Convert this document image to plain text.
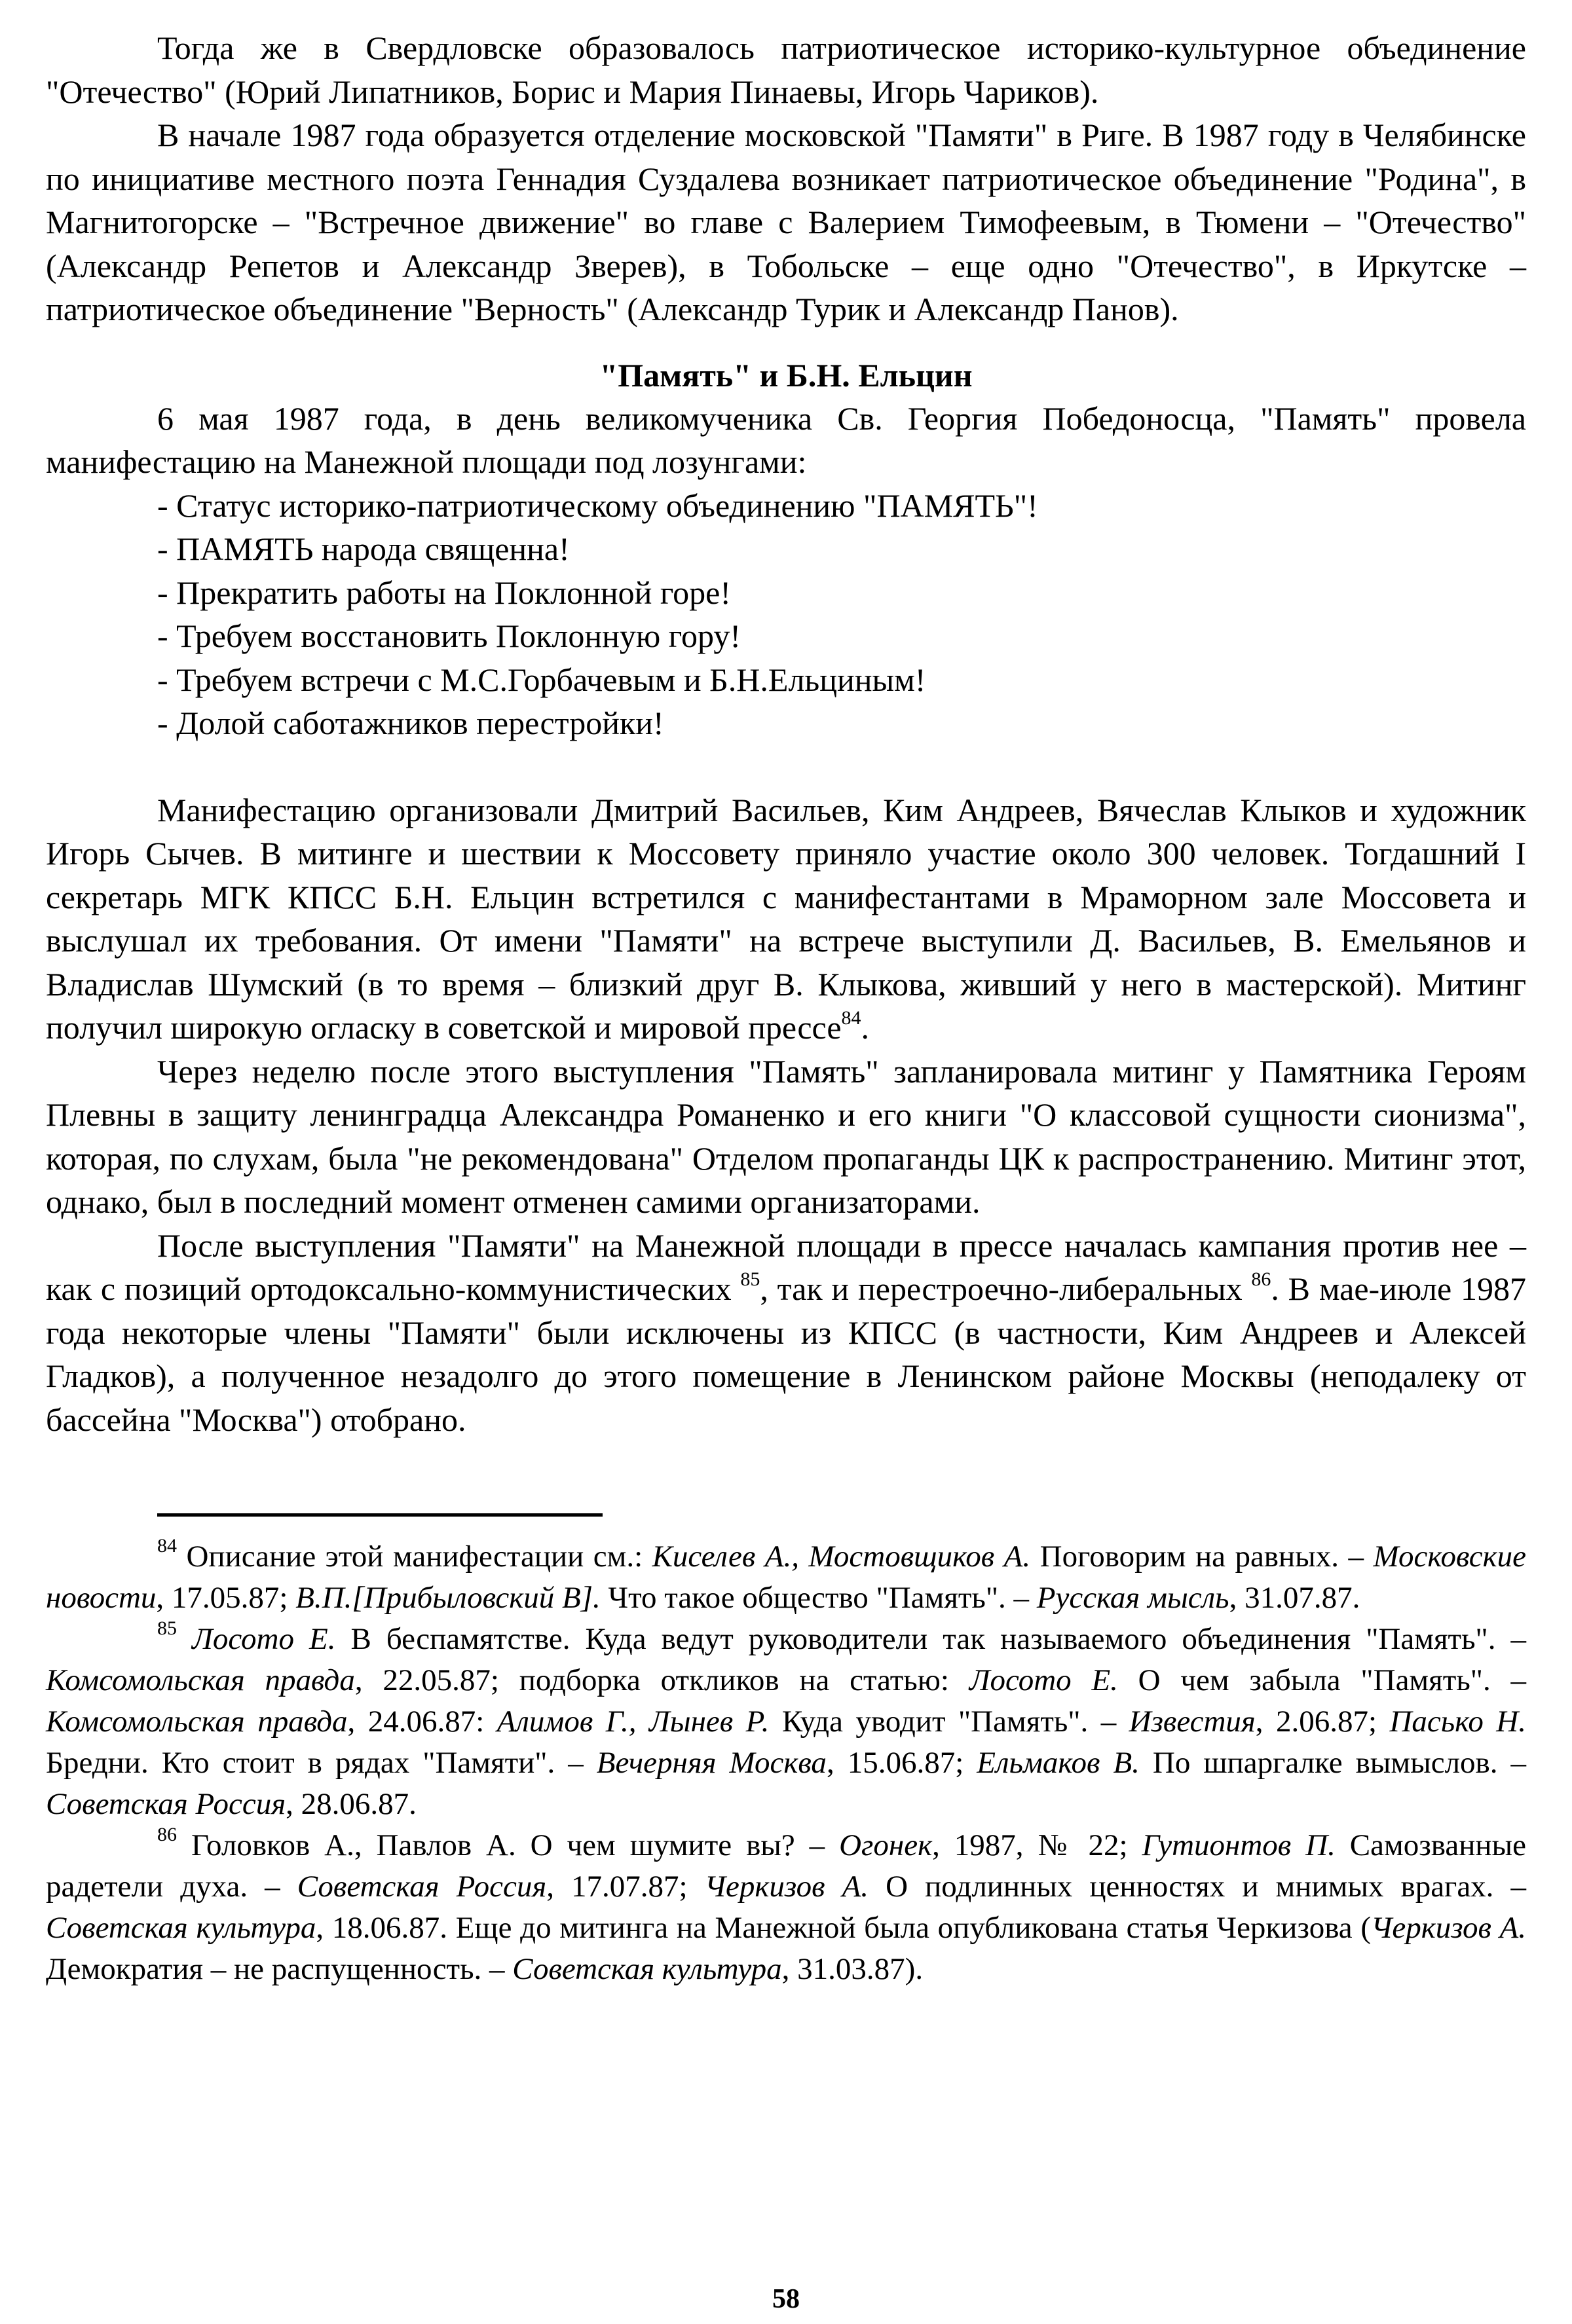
Тогда же в Свердловске образовалось патриотическое историко-культурное объединение "Отечество" (Юрий Липатников, Борис и Мария Пинаевы, Игорь Чариков).

В начале 1987 года образуется отделение московской "Памяти" в Риге. В 1987 году в Челябинске по инициативе местного поэта Геннадия Суздалева возникает патриотическое объединение "Родина", в Магнитогорске – "Встречное движение" во главе с Валерием Тимофеевым, в Тюмени – "Отечество" (Александр Репетов и Александр Зверев), в Тобольске – еще одно "Отечество", в Иркутске – патриотическое объединение "Верность" (Александр Турик и Александр Панов).

"Память" и Б.Н. Ельцин

6 мая 1987 года, в день великомученика Св. Георгия Победоносца, "Память" провела манифестацию на Манежной площади под лозунгами:

- Статус историко-патриотическому объединению "ПАМЯТЬ"!
- ПАМЯТЬ народа священна!
- Прекратить работы на Поклонной горе!
- Требуем восстановить Поклонную гору!
- Требуем встречи с М.С.Горбачевым и Б.Н.Ельциным!
- Долой саботажников перестройки!

Манифестацию организовали Дмитрий Васильев, Ким Андреев, Вячеслав Клыков и художник Игорь Сычев. В митинге и шествии к Моссовету приняло участие около 300 человек. Тогдашний I секретарь МГК КПСС Б.Н. Ельцин встретился с манифестантами в Мраморном зале Моссовета и выслушал их требования. От имени "Памяти" на встрече выступили Д. Васильев, В. Емельянов и Владислав Шумский (в то время – близкий друг В. Клыкова, живший у него в мастерской). Митинг получил широкую огласку в советской и мировой прессе$^{84}$.

Через неделю после этого выступления "Память" запланировала митинг у Памятника Героям Плевны в защиту ленинградца Александра Романенко и его книги "О классовой сущности сионизма", которая, по слухам, была "не рекомендована" Отделом пропаганды ЦК к распространению. Митинг этот, однако, был в последний момент отменен самими организаторами.

После выступления "Памяти" на Манежной площади в прессе началась кампания против нее – как с позиций ортодоксально-коммунистических $^{85}$, так и перестроечно-либеральных $^{86}$. В мае-июле 1987 года некоторые члены "Памяти" были исключены из КПСС (в частности, Ким Андреев и Алексей Гладков), а полученное незадолго до этого помещение в Ленинском районе Москвы (неподалеку от бассейна "Москва") отобрано.

$^{84}$ Описание этой манифестации см.: Киселев А., Мостовщиков А. Поговорим на равных. – Московские новости, 17.05.87; В.П.[Прибыловский В]. Что такое общество "Память". – Русская мысль, 31.07.87.

$^{85}$ Лосото Е. В беспамятстве. Куда ведут руководители так называемого объединения "Память". – Комсомольская правда, 22.05.87; подборка откликов на статью: Лосото Е. О чем забыла "Память". – Комсомольская правда, 24.06.87: Алимов Г., Лынев Р. Куда уводит "Память". – Известия, 2.06.87; Пасько Н. Бредни. Кто стоит в рядах "Памяти". – Вечерняя Москва, 15.06.87; Ельмаков В. По шпаргалке вымыслов. – Советская Россия, 28.06.87.

$^{86}$ Головков А., Павлов А. О чем шумите вы? – Огонек, 1987, № 22; Гутионтов П. Самозванные радетели духа. – Советская Россия, 17.07.87; Черкизов А. О подлинных ценностях и мнимых врагах. – Советская культура, 18.06.87. Еще до митинга на Манежной была опубликована статья Черкизова (Черкизов А. Демократия – не распущенность. – Советская культура, 31.03.87).

58
